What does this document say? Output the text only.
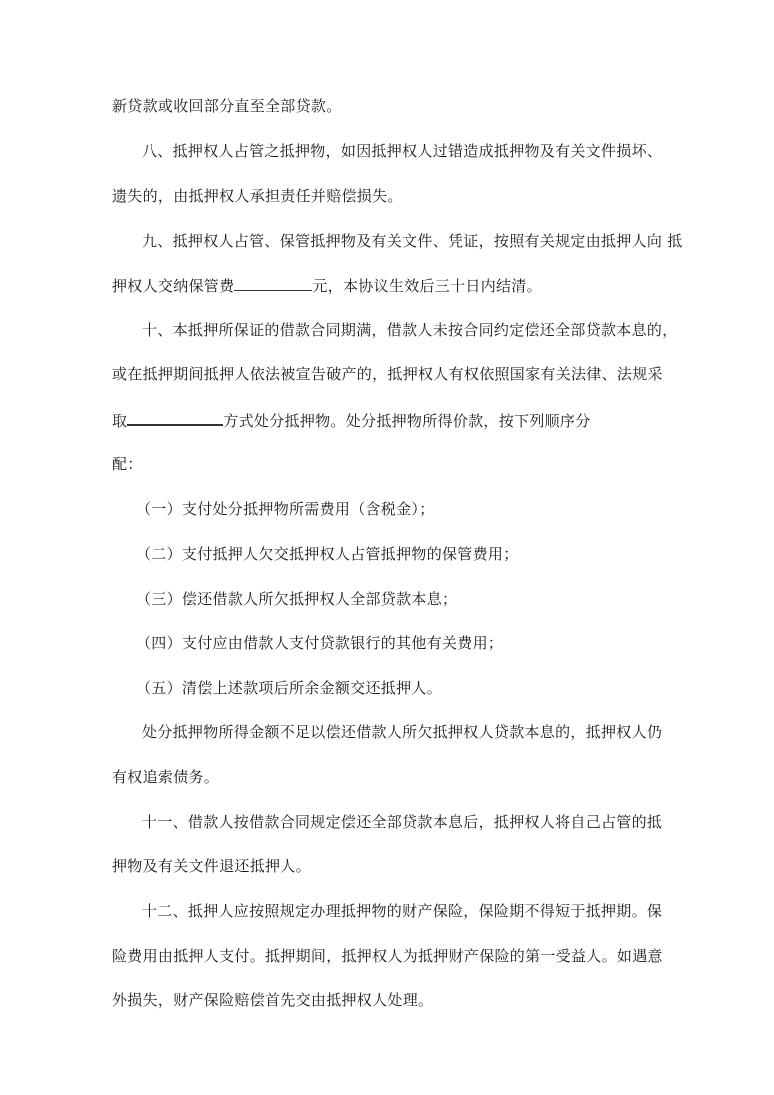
新贷款或收回部分直至全部贷款。
八、抵押权人占管之抵押物，如因抵押权人过错造成抵押物及有关文件损坏、
遗失的，由抵押权人承担责任并赔偿损失。
九、抵押权人占管、保管抵押物及有关文件、凭证，按照有关规定由抵押人向 抵
押权人交纳保管费	元，本协议生效后三十日内结清。
十、本抵押所保证的借款合同期满，借款人未按合同约定偿还全部贷款本息的，
或在抵押期间抵押人依法被宣告破产的，抵押权人有权依照国家有关法律、法规采
取	方式处分抵押物。处分抵押物所得价款，按下列顺序分
配：
（一）支付处分抵押物所需费用（含税金）；
（二）支付抵押人欠交抵押权人占管抵押物的保管费用；
（三）偿还借款人所欠抵押权人全部贷款本息；
（四）支付应由借款人支付贷款银行的其他有关费用；
（五）清偿上述款项后所余金额交还抵押人。
处分抵押物所得金额不足以偿还借款人所欠抵押权人贷款本息的，抵押权人仍
有权追索债务。
十一、借款人按借款合同规定偿还全部贷款本息后，抵押权人将自己占管的抵
押物及有关文件退还抵押人。
十二、抵押人应按照规定办理抵押物的财产保险，保险期不得短于抵押期。保
险费用由抵押人支付。抵押期间，抵押权人为抵押财产保险的第一受益人。如遇意
外损失，财产保险赔偿首先交由抵押权人处理。
